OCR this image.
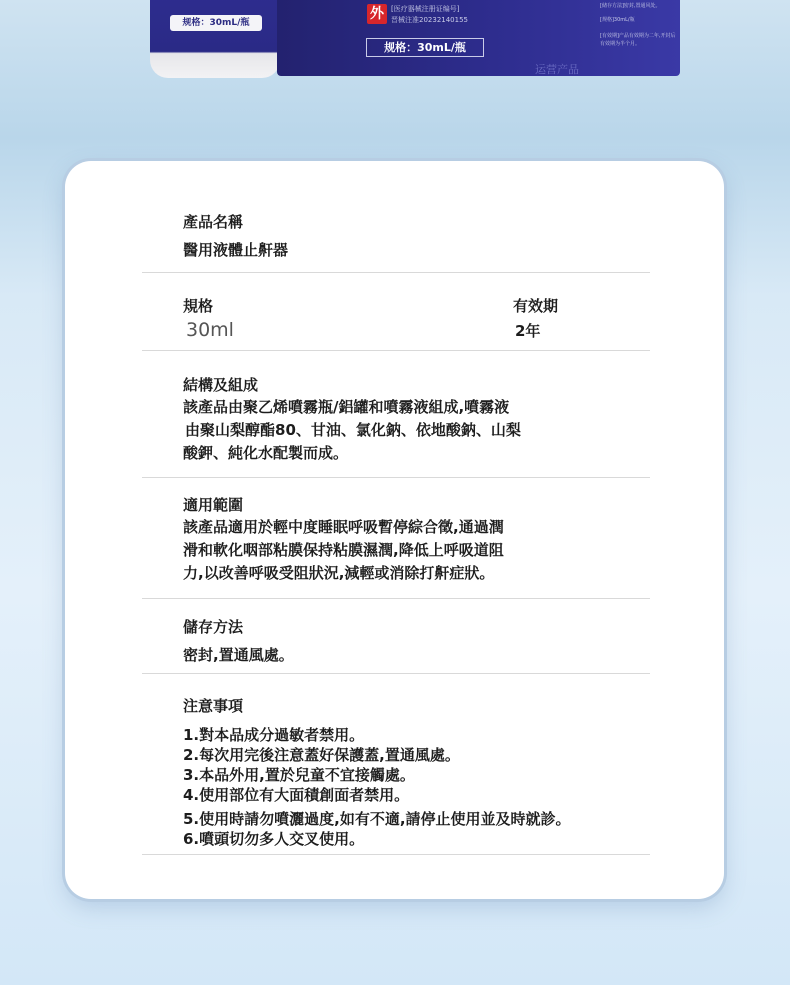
规格：30mL/瓶
外	[医疗器械注册证编号]
晋械注准20232140155
规格：30mL/瓶
运营产品
[储存方法]密封,置通风处。
[规格]30mL/瓶
[有效期]产品有效期为二年,开封后有效期为半个月。
產品名稱
醫用液體止鼾器
規格
30ml
有效期
2年
結構及組成
該產品由聚乙烯噴霧瓶/鋁罐和噴霧液組成,噴霧液
由聚山梨醇酯80、甘油、氯化鈉、依地酸鈉、山梨
酸鉀、純化水配製而成。
適用範圍
該產品適用於輕中度睡眠呼吸暫停綜合徵,通過潤
滑和軟化咽部粘膜保持粘膜濕潤,降低上呼吸道阻
力,以改善呼吸受阻狀況,減輕或消除打鼾症狀。
儲存方法
密封,置通風處。
注意事項
1.對本品成分過敏者禁用。
2.每次用完後注意蓋好保護蓋,置通風處。
3.本品外用,置於兒童不宜接觸處。
4.使用部位有大面積創面者禁用。
5.使用時請勿噴灑過度,如有不適,請停止使用並及時就診。
6.噴頭切勿多人交叉使用。
